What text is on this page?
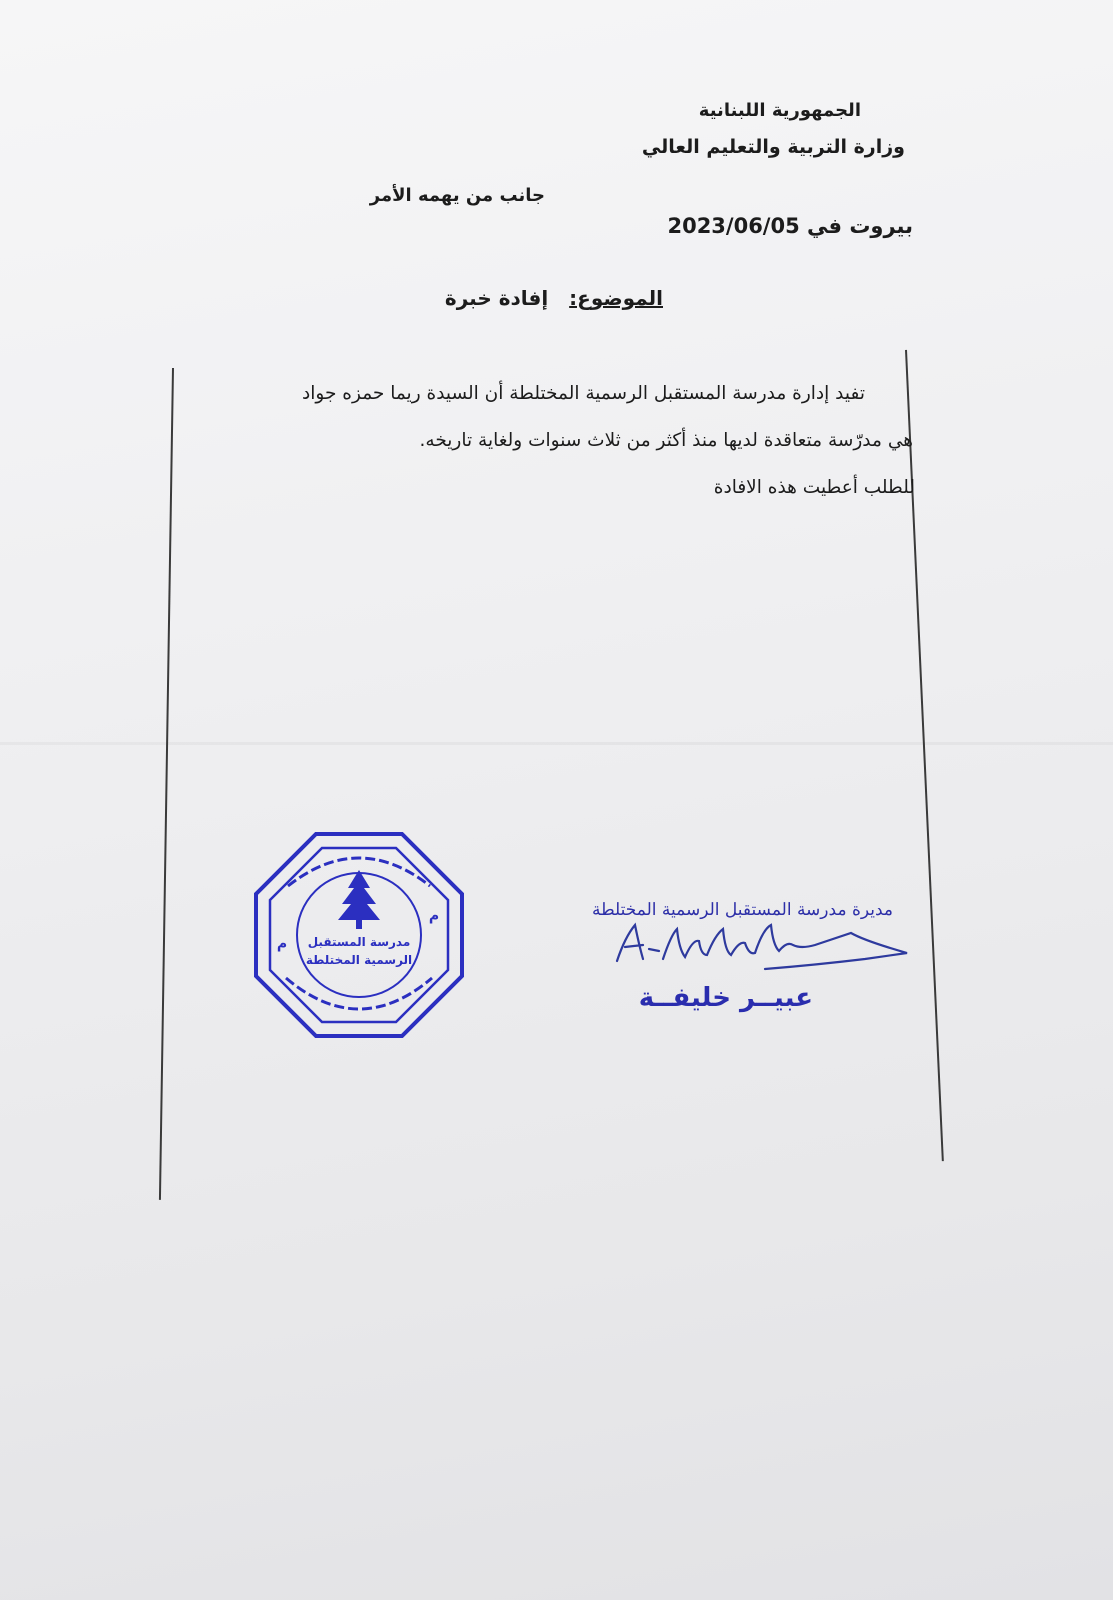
الجمهورية اللبنانية
وزارة التربية والتعليم العالي
جانب من يهمه الأمر
بيروت في 2023/06/05
الموضوع:   إفادة خبرة
تفيد إدارة مدرسة المستقبل الرسمية المختلطة أن السيدة ريما حمزه جواد
هي مدرّسة متعاقدة لديها منذ أكثر من ثلاث سنوات ولغاية تاريخه.
للطلب أعطيت هذه الافادة
مدرسة المستقبل
الرسمية المختلطة
م
م
مديرة مدرسة المستقبل الرسمية المختلطة
عبيــر خليفــة
